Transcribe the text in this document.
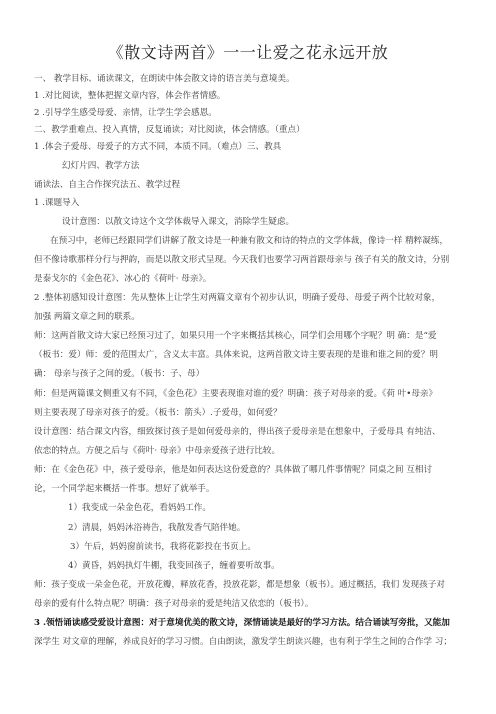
《散文诗两首》一一让爱之花永远开放
一、 教学目标、诵读课文，在朗读中体会散文诗的语言美与意境美。
1 .对比阅读，整体把握文章内容，体会作者情感。
2 .引导学生感受母爱、亲情，让学生学会感恩。
二、教学重难点、投入真情，反复诵读；对比阅读，体会情感。（重点）
1 .体会子爱母、母爱子的方式不同，本质不同。（难点）三、教具
幻灯片四、教学方法
诵读法、自主合作探究法五、教学过程
1 .课题导入
设计意图：以散文诗这个文学体裁导入课文，消除学生疑虑。
在预习中，老师已经跟同学们讲解了散文诗是一种兼有散文和诗的特点的文学体裁，像诗一样 精粹凝练，
但不像诗歌那样分行与押韵，而是以散文形式呈现。今天我们也要学习两首跟母亲与 孩子有关的散文诗，分别
是泰戈尔的《金色花》、冰心的《荷叶· 母亲》。
2 .整体初感知设计意图：先从整体上让学生对两篇文章有个初步认识，明确子爱母、母爱子两个比较对象，
加强 两篇文章之间的联系。
师：这两首散文诗大家已经预习过了，如果只用一个字来概括其核心，同学们会用哪个字呢？明 确：是“爱
（板书：爱）师：爱的范围太广，含义太丰富。具体来说，这两首散文诗主要表现的是谁和谁之间的爱？明
确： 母亲与孩子之间的爱。（板书：子、母）
师：但是两篇课文侧重又有不同，《金色花》主要表现谁对谁的爱？明确：孩子对母亲的爱。《荷 叶•母亲》
则主要表现了母亲对孩子的爱。（板书：箭头）.子爱母，如何爱？
设计意图：结合课文内容，细致探讨孩子是如何爱母亲的，得出孩子爱母亲是在想象中，子爱母具 有纯洁、
依恋的特点。方便之后与《荷叶· 母亲》中母亲爱孩子进行比较。
师：在《金色花》中，孩子爱母亲，他是如何表达这份爱意的？具体做了哪几件事情呢？同桌之间 互相讨
论，一个同学起来概括一件事。想好了就举手。
1）我变成一朵金色花，看妈妈工作。
2）清晨，妈妈沐浴祷告，我散发香气陪伴她。
3）午后，妈妈窗前读书，我将花影投在书页上。
4）黄昏，妈妈执灯牛棚，我变回孩子，缠着要听故事。
师：孩子变成一朵金色花，开放花瓣，释放花香，投放花影，都是想象（板书）。通过概括，我们 发现孩子对
母亲的爱有什么特点呢？明确：孩子对母亲的爱是纯洁又依恋的（板书）。
3 .领悟诵读感受爱设计意图：对于意境优美的散文诗，深情诵读是最好的学习方法。结合诵读写旁批，又能加
深学生 对文章的理解，养成良好的学习习惯。自由朗读，激发学生朗读兴趣，也有利于学生之间的合作学 习；
